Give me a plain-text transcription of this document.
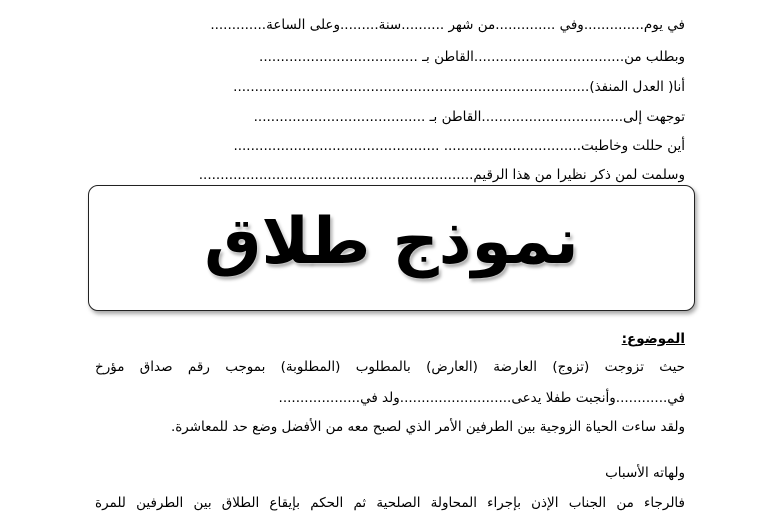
في يوم..............وفي ..............من شهر ..........سنة.........وعلى الساعة.............
وبطلب من...................................القاطن بـ .....................................
أنا( العدل المنفذ)...................................................................................
توجهت إلى.................................القاطن بـ ........................................
أين حللت وخاطبت................................ ................................................
وسلمت لمن ذكر نظيرا من هذا الرقيم................................................................
نموذج طلاق
الموضوع:
حيث تزوجت (تزوج) العارضة (العارض) بالمطلوب (المطلوبة) بموجب رقم صداق مؤرخ
في............وأنجبت طفلا يدعى..........................ولد في...................
ولقد ساءت الحياة الزوجية بين الطرفين الأمر الذي لصبح معه من الأفضل وضع حد للمعاشرة.
ولهاته الأسباب
فالرجاء من الجناب الإذن بإجراء المحاولة الصلحية ثم الحكم بإيقاع الطلاق بين الطرفين للمرة
